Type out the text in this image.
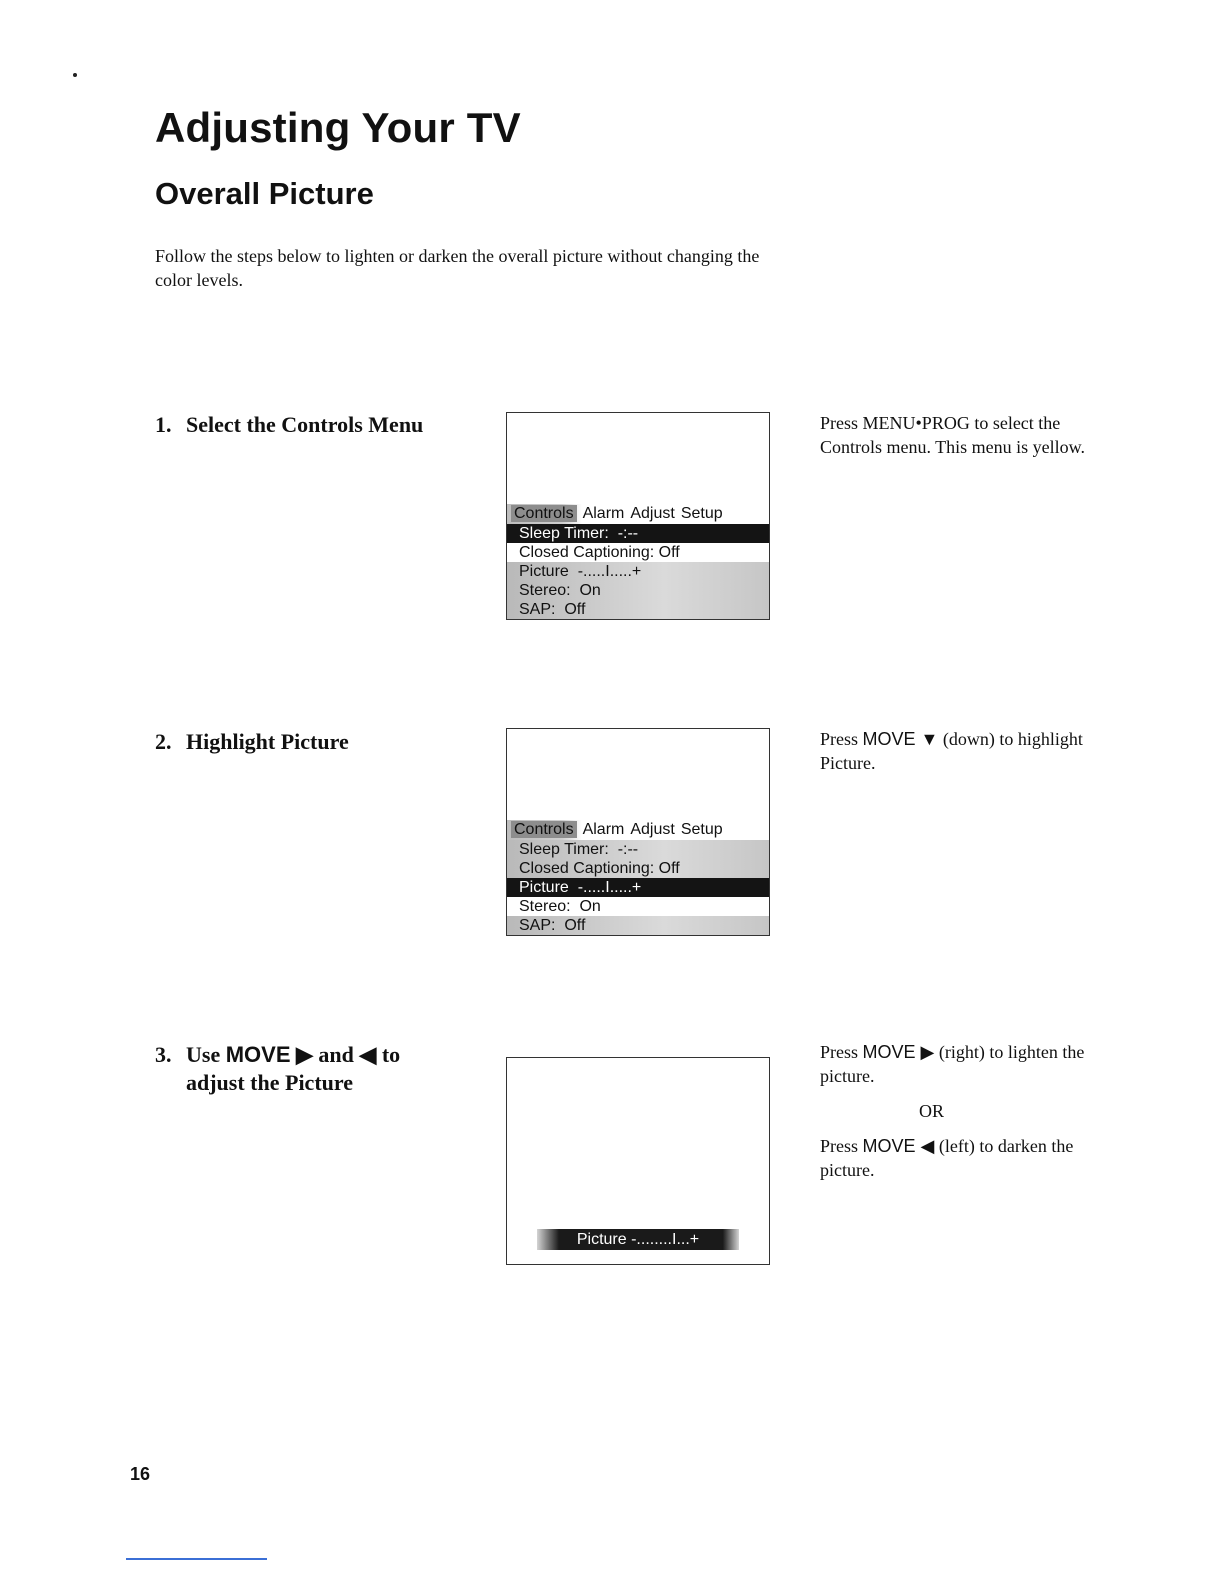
Adjusting Your TV
Overall Picture

Follow the steps below to lighten or darken the overall picture without changing the color levels.

1. Select the Controls Menu
Controls Alarm Adjust Setup
Sleep Timer:  -:--
Closed Captioning: Off
Picture  -.....I.....+
Stereo:  On
SAP:  Off

Press MENU•PROG to select the Controls menu. This menu is yellow.

2. Highlight Picture
Controls Alarm Adjust Setup
Sleep Timer:  -:--
Closed Captioning: Off
Picture  -.....I.....+
Stereo:  On
SAP:  Off

Press MOVE ▼ (down) to highlight Picture.

3. Use MOVE ▶ and ◀ to
adjust the Picture
Picture -........I...+

Press MOVE ▶ (right) to lighten the picture.

OR

Press MOVE ◀ (left) to darken the picture.

16
